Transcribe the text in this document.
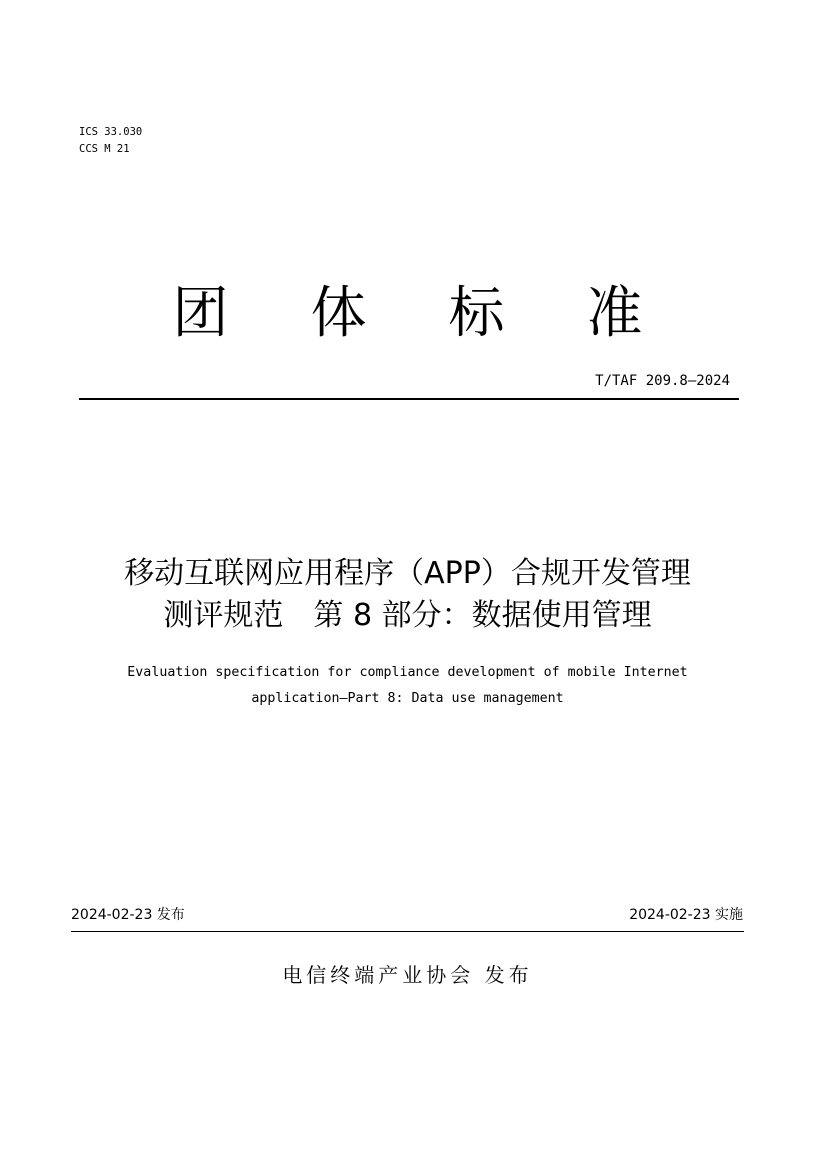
ICS 33.030
CCS M 21
团 体 标 准
T/TAF 209.8—2024
移动互联网应用程序（APP）合规开发管理
测评规范　第 8 部分：数据使用管理
Evaluation specification for compliance development of mobile Internet
application—Part 8: Data use management
2024-02-23 发布	2024-02-23 实施
电信终端产业协会 发布
